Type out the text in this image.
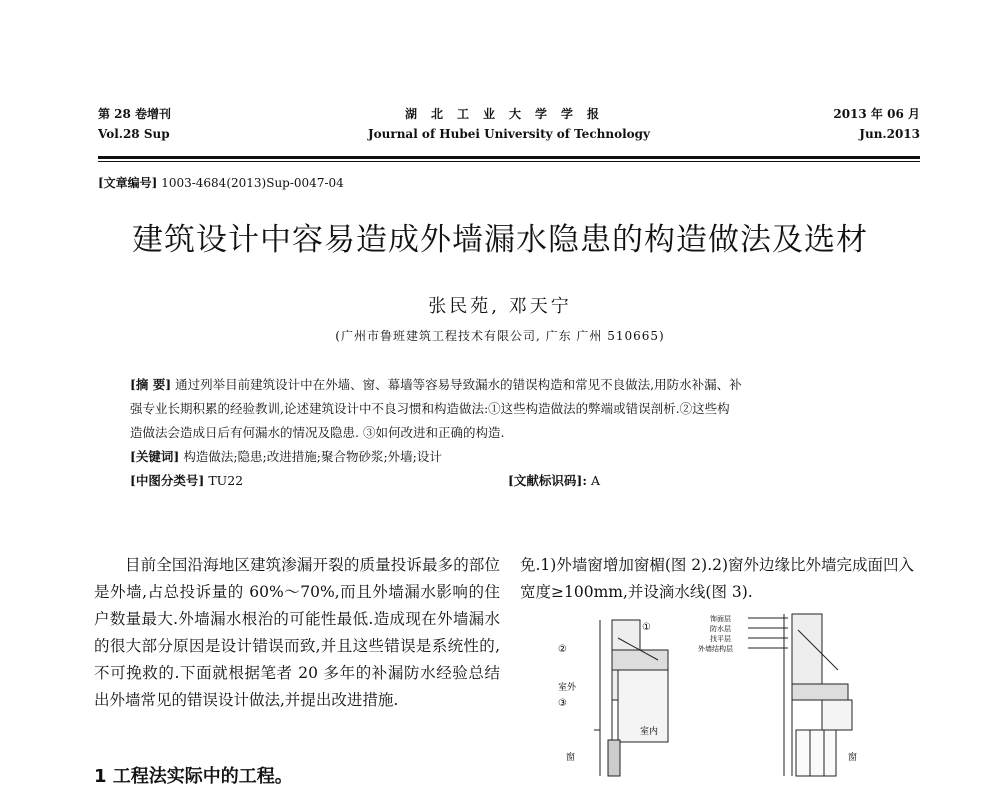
第 28 卷增刊
Vol.28 Sup
湖北工业大学学报
Journal of Hubei University of Technology
2013 年 06 月
Jun.2013
[文章编号] 1003-4684(2013)Sup-0047-04
建筑设计中容易造成外墙漏水隐患的构造做法及选材
张民苑, 邓天宁
(广州市鲁班建筑工程技术有限公司, 广东 广州 510665)
[摘 要] 通过列举目前建筑设计中在外墙、窗、幕墙等容易导致漏水的错误构造和常见不良做法,用防水补漏、补
强专业长期积累的经验教训,论述建筑设计中不良习惯和构造做法:①这些构造做法的弊端或错误剖析.②这些构
造做法会造成日后有何漏水的情况及隐患. ③如何改进和正确的构造.
[关键词] 构造做法;隐患;改进措施;聚合物砂浆;外墙;设计
[中图分类号] TU22	[文献标识码]: A

目前全国沿海地区建筑渗漏开裂的质量投诉最多的部位是外墙,占总投诉量的 60%～70%,而且外墙漏水影响的住户数量最大.外墙漏水根治的可能性最低.造成现在外墙漏水的很大部分原因是设计错误而致,并且这些错误是系统性的,不可挽救的.下面就根据笔者 20 多年的补漏防水经验总结出外墙常见的错误设计做法,并提出改进措施.

1 工程法实际中的工程。

免.1)外墙窗增加窗楣(图 2).2)窗外边缘比外墙完成面凹入宽度≥100mm,并设滴水线(图 3).

①
②
③
室外
窗
室内
饰面层
防水层
找平层
外墙结构层
窗
